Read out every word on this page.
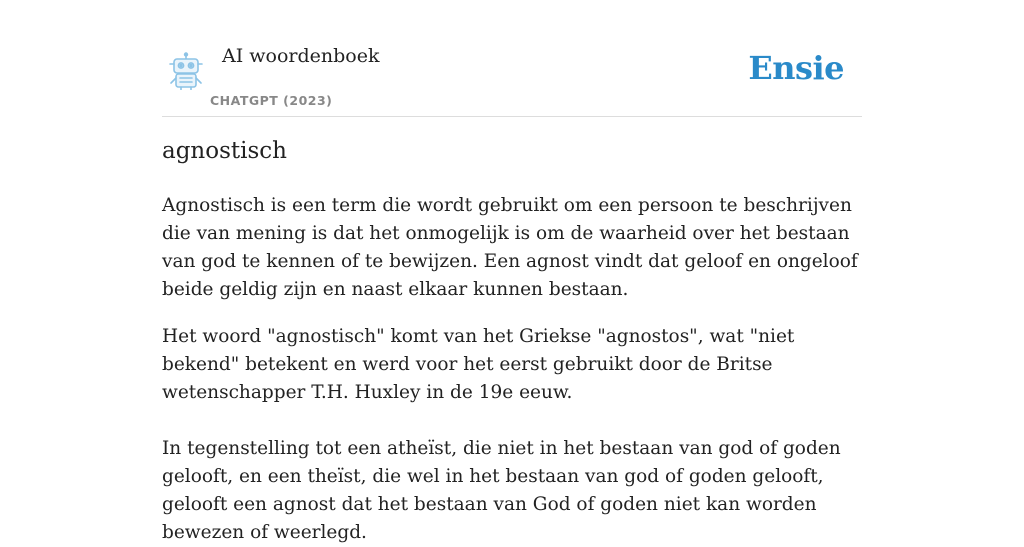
AI woordenboek
CHATGPT (2023)
Ensie
agnostisch

Agnostisch is een term die wordt gebruikt om een persoon te beschrijven die van mening is dat het onmogelijk is om de waarheid over het bestaan van god te kennen of te bewijzen. Een agnost vindt dat geloof en ongeloof beide geldig zijn en naast elkaar kunnen bestaan.

Het woord "agnostisch" komt van het Griekse "agnostos", wat "niet bekend" betekent en werd voor het eerst gebruikt door de Britse wetenschapper T.H. Huxley in de 19e eeuw.

In tegenstelling tot een atheïst, die niet in het bestaan van god of goden gelooft, en een theïst, die wel in het bestaan van god of goden gelooft, gelooft een agnost dat het bestaan van God of goden niet kan worden bewezen of weerlegd.
